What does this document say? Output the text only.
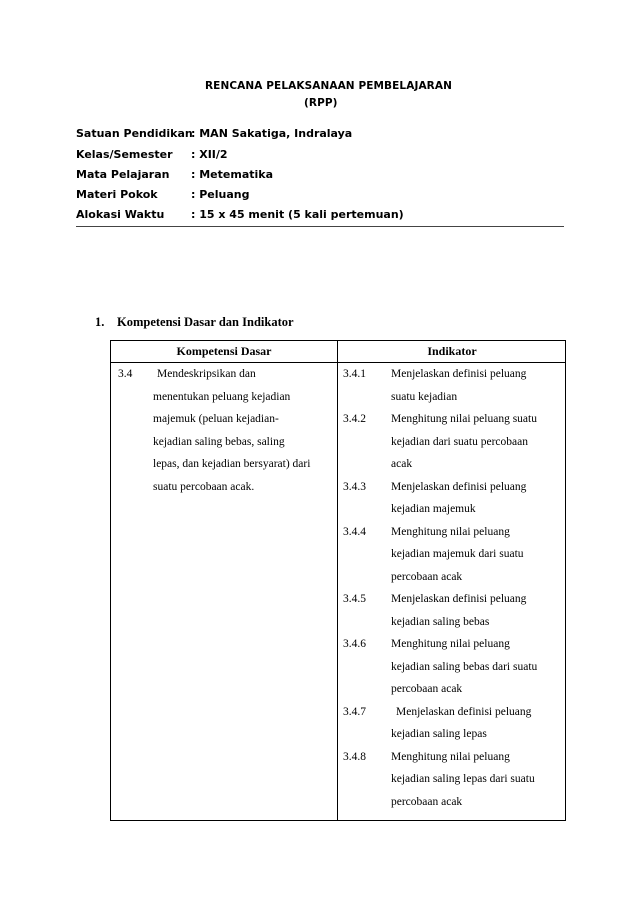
RENCANA PELAKSANAAN PEMBELAJARAN
(RPP)
Satuan Pendidikan
: MAN Sakatiga, Indralaya
Kelas/Semester : XII/2
Mata Pelajaran : Metematika
Materi Pokok	: Peluang
Alokasi Waktu : 15 x 45 menit (5 kali pertemuan)
1. Kompetensi Dasar dan Indikator
Kompetensi Dasar	Indikator
3.4 Mendeskripsikan dan
menentukan peluang kejadian
majemuk (peluan kejadian-
kejadian saling bebas, saling
lepas, dan kejadian bersyarat) dari
suatu percobaan acak.
3.4.1 Menjelaskan definisi peluang
suatu kejadian
3.4.2 Menghitung nilai peluang suatu
kejadian dari suatu percobaan
acak
3.4.3 Menjelaskan definisi peluang
kejadian majemuk
3.4.4 Menghitung nilai peluang
kejadian majemuk dari suatu
percobaan acak
3.4.5 Menjelaskan definisi peluang
kejadian saling bebas
3.4.6 Menghitung nilai peluang
kejadian saling bebas dari suatu
percobaan acak
3.4.7	Menjelaskan definisi peluang
kejadian saling lepas
3.4.8 Menghitung nilai peluang
kejadian saling lepas dari suatu
percobaan acak
